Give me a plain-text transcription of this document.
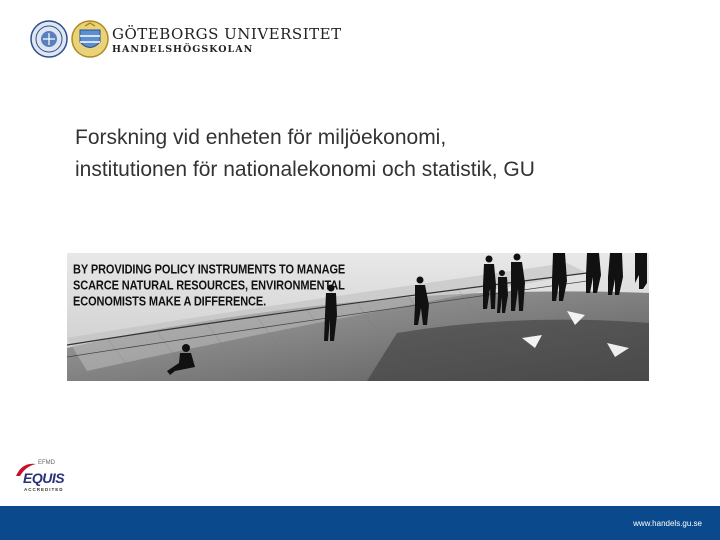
GÖTEBORGS UNIVERSITET
HANDELSHÖGSKOLAN
Forskning vid enheten för miljöekonomi,
institutionen för nationalekonomi och statistik, GU
BY PROVIDING POLICY INSTRUMENTS TO MANAGE
SCARCE NATURAL RESOURCES, ENVIRONMENTAL
ECONOMISTS MAKE A DIFFERENCE.
EFMD
EQUIS
ACCREDITED
www.handels.gu.se
